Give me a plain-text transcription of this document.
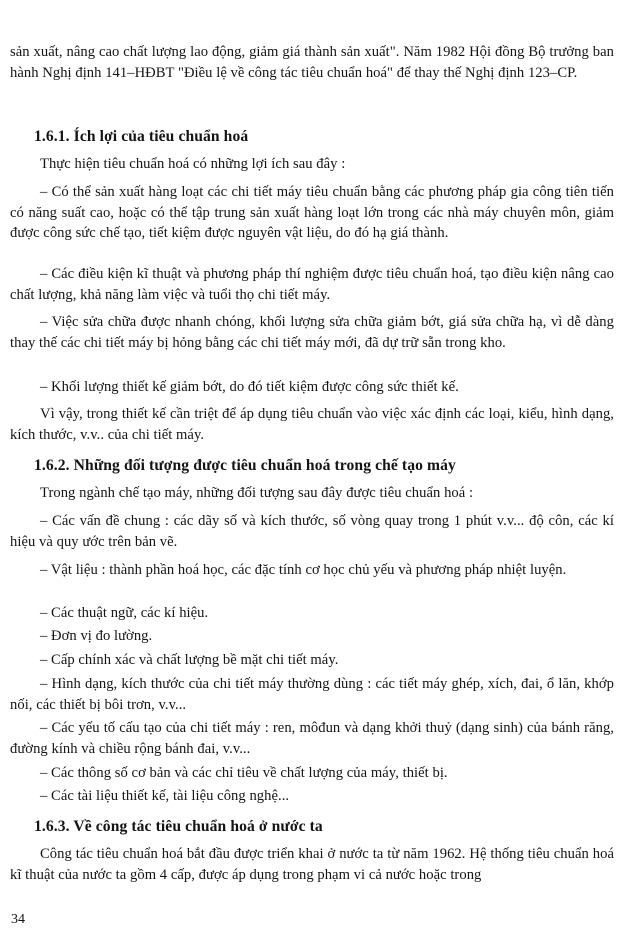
sản xuất, nâng cao chất lượng lao động, giảm giá thành sản xuất". Năm 1982 Hội đồng Bộ trưởng ban hành Nghị định 141–HĐBT "Điều lệ về công tác tiêu chuẩn hoá" để thay thế Nghị định 123–CP.

1.6.1. Ích lợi của tiêu chuẩn hoá

Thực hiện tiêu chuẩn hoá có những lợi ích sau đây :

– Có thể sản xuất hàng loạt các chi tiết máy tiêu chuẩn bằng các phương pháp gia công tiên tiến có năng suất cao, hoặc có thể tập trung sản xuất hàng loạt lớn trong các nhà máy chuyên môn, giảm được công sức chế tạo, tiết kiệm được nguyên vật liệu, do đó hạ giá thành.

– Các điều kiện kĩ thuật và phương pháp thí nghiệm được tiêu chuẩn hoá, tạo điều kiện nâng cao chất lượng, khả năng làm việc và tuổi thọ chi tiết máy.

– Việc sửa chữa được nhanh chóng, khối lượng sửa chữa giảm bớt, giá sửa chữa hạ, vì dễ dàng thay thế các chi tiết máy bị hỏng bằng các chi tiết máy mới, đã dự trữ sẵn trong kho.

– Khối lượng thiết kế giảm bớt, do đó tiết kiệm được công sức thiết kế.

Vì vậy, trong thiết kế cần triệt để áp dụng tiêu chuẩn vào việc xác định các loại, kiểu, hình dạng, kích thước, v.v.. của chi tiết máy.

1.6.2. Những đối tượng được tiêu chuẩn hoá trong chế tạo máy

Trong ngành chế tạo máy, những đối tượng sau đây được tiêu chuẩn hoá :

– Các vấn đề chung : các dãy số và kích thước, số vòng quay trong 1 phút v.v... độ côn, các kí hiệu và quy ước trên bản vẽ.

– Vật liệu : thành phần hoá học, các đặc tính cơ học chủ yếu và phương pháp nhiệt luyện.

– Các thuật ngữ, các kí hiệu.

– Đơn vị đo lường.

– Cấp chính xác và chất lượng bề mặt chi tiết máy.

– Hình dạng, kích thước của chi tiết máy thường dùng : các tiết máy ghép, xích, đai, ổ lăn, khớp nối, các thiết bị bôi trơn, v.v...

– Các yếu tố cấu tạo của chi tiết máy : ren, môđun và dạng khởi thuỷ (dạng sinh) của bánh răng, đường kính và chiều rộng bánh đai, v.v...

– Các thông số cơ bản và các chỉ tiêu về chất lượng của máy, thiết bị.

– Các tài liệu thiết kế, tài liệu công nghệ...

1.6.3. Về công tác tiêu chuẩn hoá ở nước ta

Công tác tiêu chuẩn hoá bắt đầu được triển khai ở nước ta từ năm 1962. Hệ thống tiêu chuẩn hoá kĩ thuật của nước ta gồm 4 cấp, được áp dụng trong phạm vi cả nước hoặc trong

34
